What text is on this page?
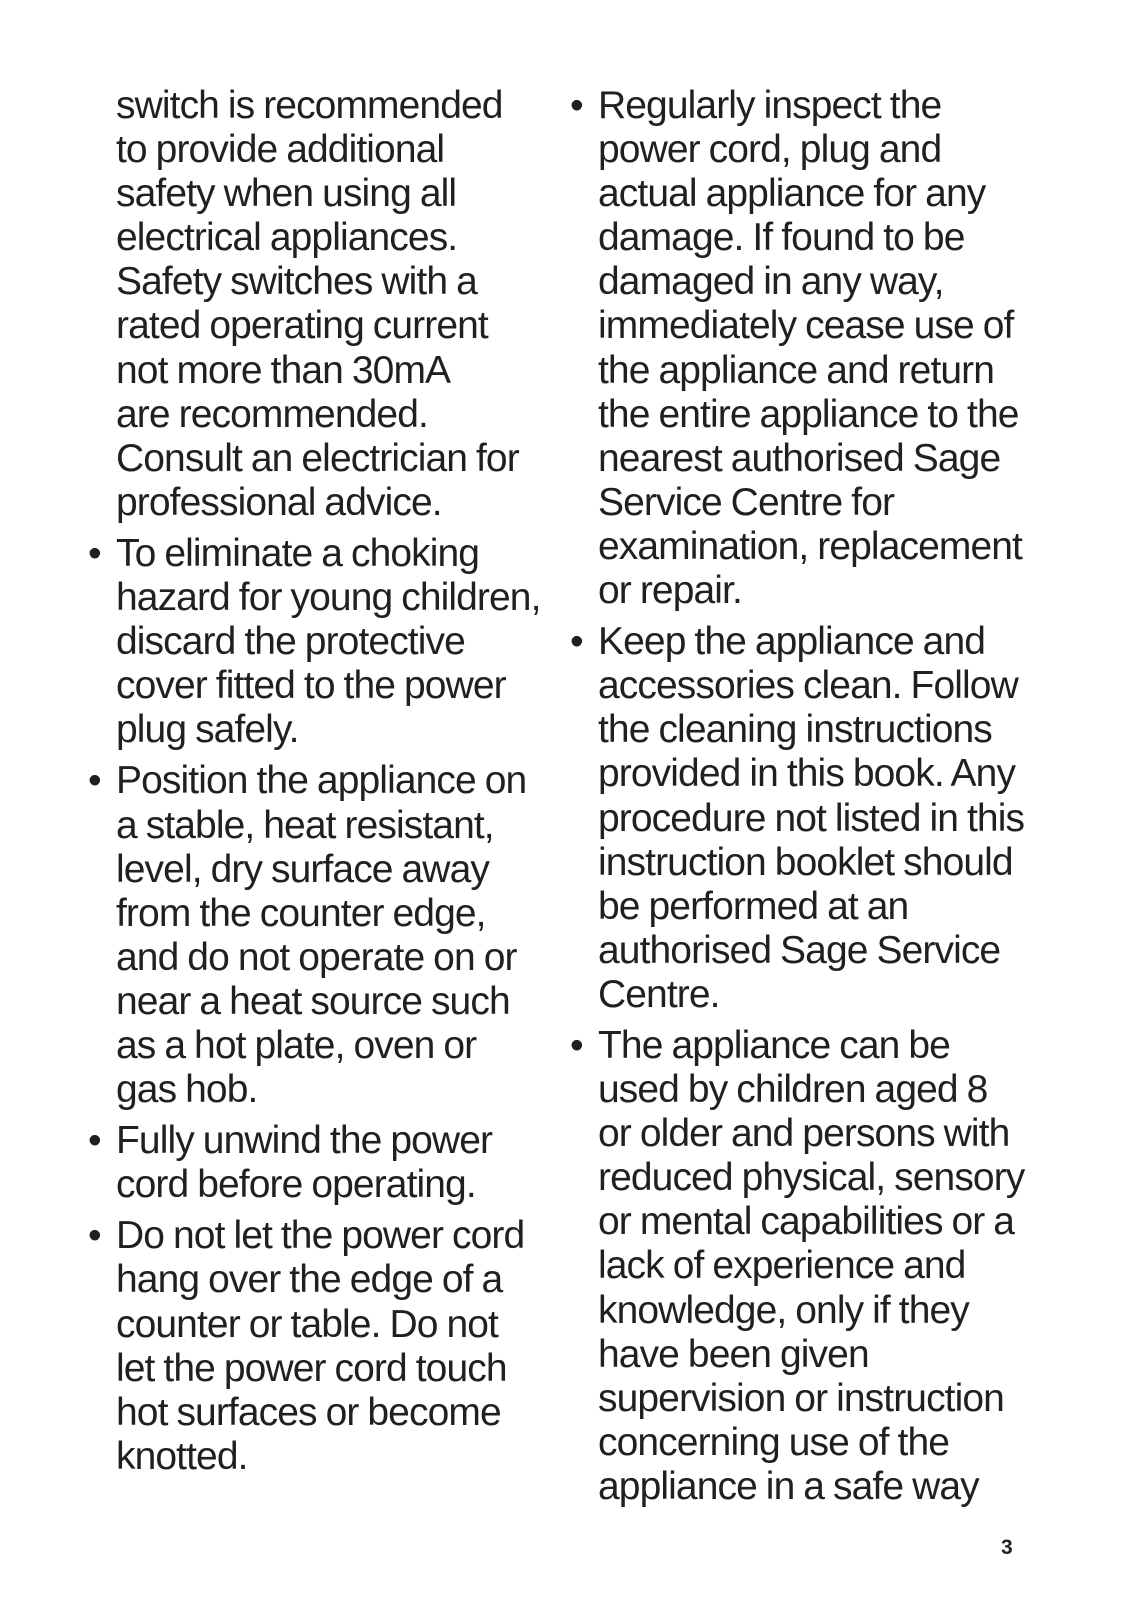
switch is recommended
to provide additional
safety when using all
electrical appliances.
Safety switches with a
rated operating current
not more than 30mA
are recommended.
Consult an electrician for
professional advice.
• To eliminate a choking
hazard for young children,
discard the protective
cover fitted to the power
plug safely.
• Position the appliance on
a stable, heat resistant,
level, dry surface away
from the counter edge,
and do not operate on or
near a heat source such
as a hot plate, oven or
gas hob.
• Fully unwind the power
cord before operating.
• Do not let the power cord
hang over the edge of a
counter or table. Do not
let the power cord touch
hot surfaces or become
knotted.
• Regularly inspect the
power cord, plug and
actual appliance for any
damage. If found to be
damaged in any way,
immediately cease use of
the appliance and return
the entire appliance to the
nearest authorised Sage
Service Centre for
examination, replacement
or repair.
• Keep the appliance and
accessories clean. Follow
the cleaning instructions
provided in this book. Any
procedure not listed in this
instruction booklet should
be performed at an
authorised Sage Service
Centre.
• The appliance can be
used by children aged 8
or older and persons with
reduced physical, sensory
or mental capabilities or a
lack of experience and
knowledge, only if they
have been given
supervision or instruction
concerning use of the
appliance in a safe way
3
